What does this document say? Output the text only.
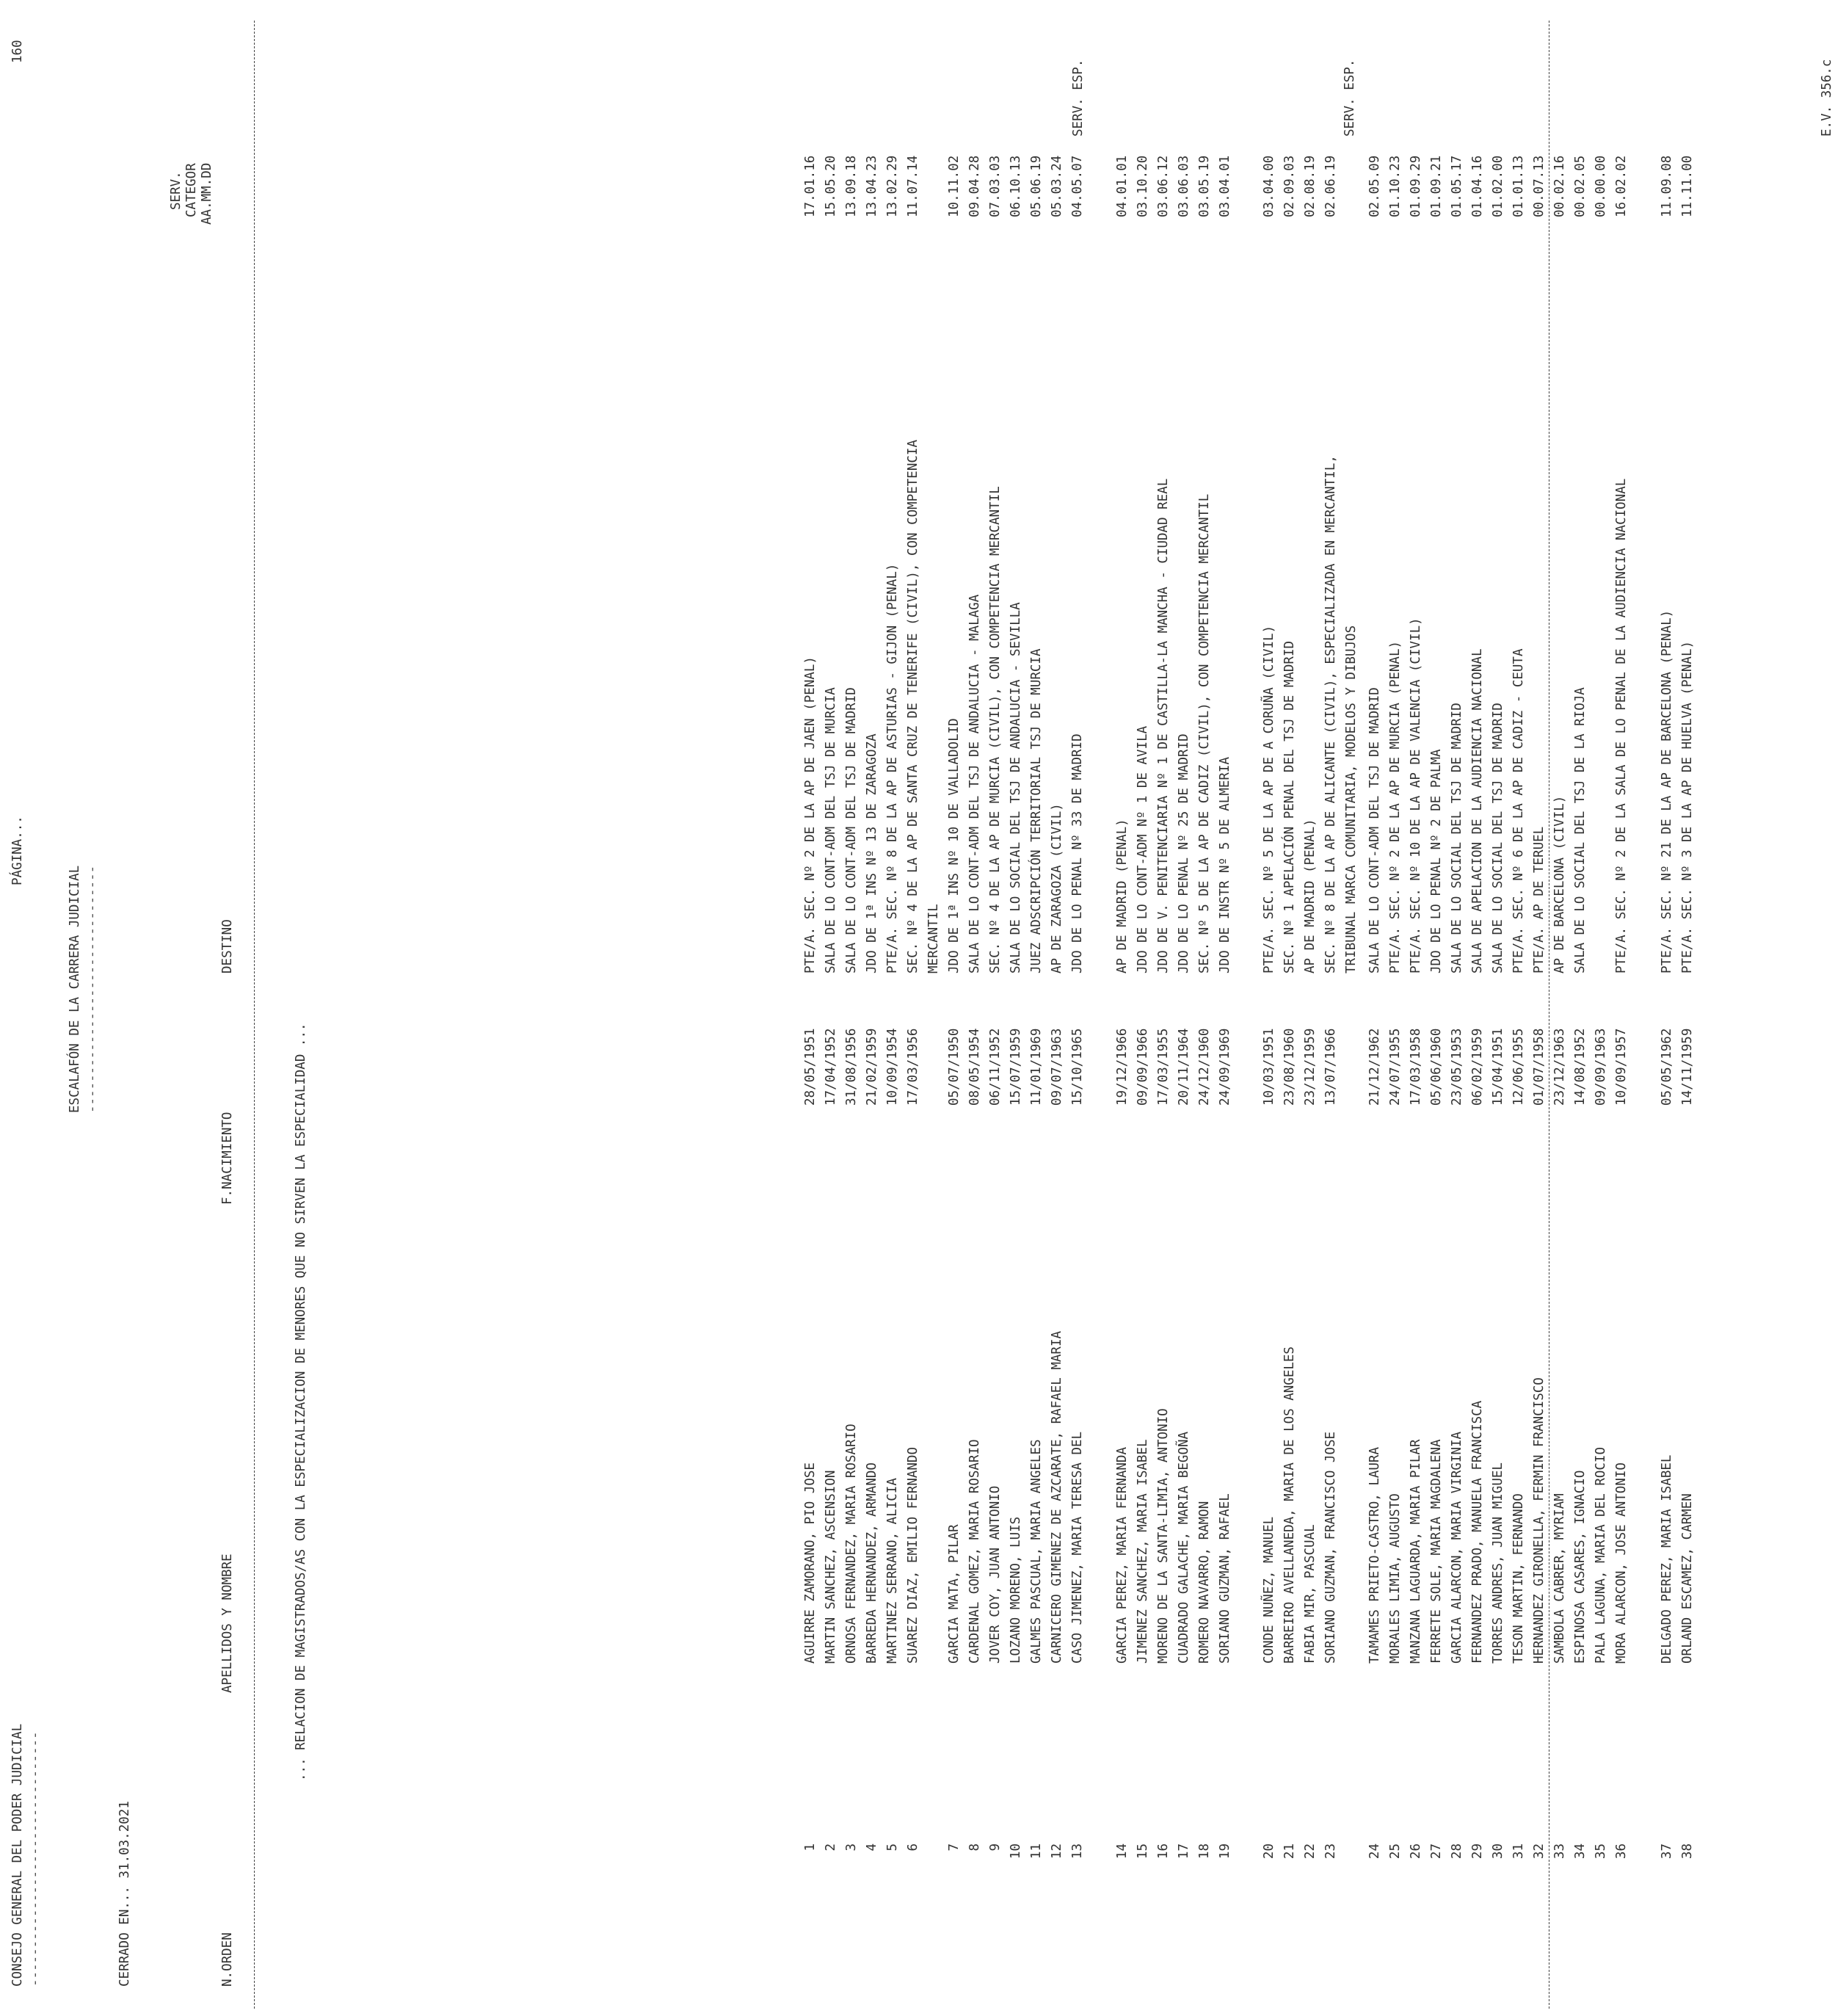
CONSEJO GENERAL DEL PODER JUDICIAL

---------------------------------

PÁGINA...

160

ESCALAFÓN DE LA CARRERA JUDICIAL

--------------------------------

CERRADO EN... 31.03.2021

SERV.

CATEGOR

AA.MM.DD

N.ORDEN

APELLIDOS Y NOMBRE

F.NACIMIENTO

DESTINO

... RELACION DE MAGISTRADOS/AS CON LA ESPECIALIZACION DE MENORES QUE NO SIRVEN LA ESPECIALIDAD ...

1
AGUIRRE ZAMORANO, PIO JOSE
28/05/1951
PTE/A. SEC. Nº 2 DE LA AP DE JAEN (PENAL)
17.01.16
2
MARTIN SANCHEZ, ASCENSION
17/04/1952
SALA DE LO CONT-ADM DEL TSJ DE MURCIA
15.05.20
3
ORNOSA FERNANDEZ, MARIA ROSARIO
31/08/1956
SALA DE LO CONT-ADM DEL TSJ DE MADRID
13.09.18
4
BARREDA HERNANDEZ, ARMANDO
21/02/1959
JDO DE 1ª INS Nº 13 DE ZARAGOZA
13.04.23
5
MARTINEZ SERRANO, ALICIA
10/09/1954
PTE/A. SEC. Nº 8 DE LA AP DE ASTURIAS - GIJON (PENAL)
13.02.29
6
SUAREZ DIAZ, EMILIO FERNANDO
17/03/1956
SEC. Nº 4 DE LA AP DE SANTA CRUZ DE TENERIFE (CIVIL), CON COMPETENCIA MERCANTIL
11.07.14
7
GARCIA MATA, PILAR
05/07/1950
JDO DE 1ª INS Nº 10 DE VALLADOLID
10.11.02
8
CARDENAL GOMEZ, MARIA ROSARIO
08/05/1954
SALA DE LO CONT-ADM DEL TSJ DE ANDALUCIA - MALAGA
09.04.28
9
JOVER COY, JUAN ANTONIO
06/11/1952
SEC. Nº 4 DE LA AP DE MURCIA (CIVIL), CON COMPETENCIA MERCANTIL
07.03.03
10
LOZANO MORENO, LUIS
15/07/1959
SALA DE LO SOCIAL DEL TSJ DE ANDALUCIA - SEVILLA
06.10.13
11
GALMES PASCUAL, MARIA ANGELES
11/01/1969
JUEZ ADSCRIPCIÓN TERRITORIAL TSJ DE MURCIA
05.06.19
12
CARNICERO GIMENEZ DE AZCARATE, RAFAEL MARIA
09/07/1963
AP DE ZARAGOZA (CIVIL)
05.03.24
13
CASO JIMENEZ, MARIA TERESA DEL
15/10/1965
JDO DE LO PENAL Nº 33 DE MADRID
04.05.07
14
GARCIA PEREZ, MARIA FERNANDA
19/12/1966
AP DE MADRID (PENAL)
04.01.01
15
JIMENEZ SANCHEZ, MARIA ISABEL
09/09/1966
JDO DE LO CONT-ADM Nº 1 DE AVILA
03.10.20
16
MORENO DE LA SANTA-LIMIA, ANTONIO
17/03/1955
JDO DE V. PENITENCIARIA Nº 1 DE CASTILLA-LA MANCHA - CIUDAD REAL
03.06.12
17
CUADRADO GALACHE, MARIA BEGOÑA
20/11/1964
JDO DE LO PENAL Nº 25 DE MADRID
03.06.03
18
ROMERO NAVARRO, RAMON
24/12/1960
SEC. Nº 5 DE LA AP DE CADIZ (CIVIL), CON COMPETENCIA MERCANTIL
03.05.19
19
SORIANO GUZMAN, RAFAEL
24/09/1969
JDO DE INSTR Nº 5 DE ALMERIA
03.04.01
20
CONDE NUÑEZ, MANUEL
10/03/1951
PTE/A. SEC. Nº 5 DE LA AP DE A CORUÑA (CIVIL)
03.04.00
21
BARREIRO AVELLANEDA, MARIA DE LOS ANGELES
23/08/1960
SEC. Nº 1 APELACIÓN PENAL DEL TSJ DE MADRID
02.09.03
22
FABIA MIR, PASCUAL
23/12/1959
AP DE MADRID (PENAL)
02.08.19
23
SORIANO GUZMAN, FRANCISCO JOSE
13/07/1966
SEC. Nº 8 DE LA AP DE ALICANTE (CIVIL), ESPECIALIZADA EN MERCANTIL, TRIBUNAL MARCA COMUNITARIA, MODELOS Y DIBUJOS
02.06.19
24
TAMAMES PRIETO-CASTRO, LAURA
21/12/1962
SALA DE LO CONT-ADM DEL TSJ DE MADRID
02.05.09
25
MORALES LIMIA, AUGUSTO
24/07/1955
PTE/A. SEC. Nº 2 DE LA AP DE MURCIA (PENAL)
01.10.23
26
MANZANA LAGUARDA, MARIA PILAR
17/03/1958
PTE/A. SEC. Nº 10 DE LA AP DE VALENCIA (CIVIL)
01.09.29
27
FERRETE SOLE, MARIA MAGDALENA
05/06/1960
JDO DE LO PENAL Nº 2 DE PALMA
01.09.21
28
GARCIA ALARCON, MARIA VIRGINIA
23/05/1953
SALA DE LO SOCIAL DEL TSJ DE MADRID
01.05.17
29
FERNANDEZ PRADO, MANUELA FRANCISCA
06/02/1959
SALA DE APELACION DE LA AUDIENCIA NACIONAL
01.04.16
30
TORRES ANDRES, JUAN MIGUEL
15/04/1951
SALA DE LO SOCIAL DEL TSJ DE MADRID
01.02.00
31
TESON MARTIN, FERNANDO
12/06/1955
PTE/A. SEC. Nº 6 DE LA AP DE CADIZ - CEUTA
01.01.13
32
HERNANDEZ GIRONELLA, FERMIN FRANCISCO
01/07/1958
PTE/A. AP DE TERUEL
00.07.13
33
SAMBOLA CABRER, MYRIAM
23/12/1963
AP DE BARCELONA (CIVIL)
00.02.16
34
ESPINOSA CASARES, IGNACIO
14/08/1952
SALA DE LO SOCIAL DEL TSJ DE LA RIOJA
00.02.05
35
PALA LAGUNA, MARIA DEL ROCIO
09/09/1963
00.00.00
36
MORA ALARCON, JOSE ANTONIO
10/09/1957
PTE/A. SEC. Nº 2 DE LA SALA DE LO PENAL DE LA AUDIENCIA NACIONAL
16.02.02
37
DELGADO PEREZ, MARIA ISABEL
05/05/1962
PTE/A. SEC. Nº 21 DE LA AP DE BARCELONA (PENAL)
11.09.08
38
ORLAND ESCAMEZ, CARMEN
14/11/1959
PTE/A. SEC. Nº 3 DE LA AP DE HUELVA (PENAL)
11.11.00
SERV. ESP.	SERV. ESP.	E.V. 356.c
